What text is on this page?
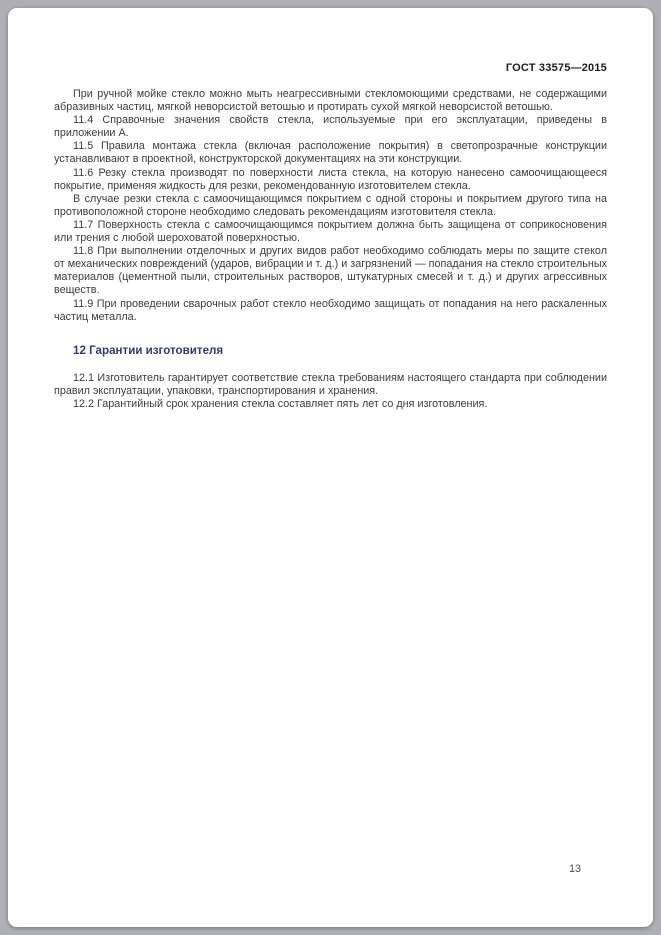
ГОСТ 33575—2015

При ручной мойке стекло можно мыть неагрессивными стекломоющими средствами, не содержащими абразивных частиц, мягкой неворсистой ветошью и протирать сухой мягкой неворсистой ветошью.

11.4 Справочные значения свойств стекла, используемые при его эксплуатации, приведены в приложении А.

11.5 Правила монтажа стекла (включая расположение покрытия) в светопрозрачные конструкции устанавливают в проектной, конструкторской документациях на эти конструкции.

11.6 Резку стекла производят по поверхности листа стекла, на которую нанесено самоочищающееся покрытие, применяя жидкость для резки, рекомендованную изготовителем стекла.

В случае резки стекла с самоочищающимся покрытием с одной стороны и покрытием другого типа на противоположной стороне необходимо следовать рекомендациям изготовителя стекла.

11.7 Поверхность стекла с самоочищающимся покрытием должна быть защищена от соприкосновения или трения с любой шероховатой поверхностью.

11.8 При выполнении отделочных и других видов работ необходимо соблюдать меры по защите стекол от механических повреждений (ударов, вибрации и т. д.) и загрязнений — попадания на стекло строительных материалов (цементной пыли, строительных растворов, штукатурных смесей и т. д.) и других агрессивных веществ.

11.9 При проведении сварочных работ стекло необходимо защищать от попадания на него раскаленных частиц металла.

12 Гарантии изготовителя

12.1 Изготовитель гарантирует соответствие стекла требованиям настоящего стандарта при соблюдении правил эксплуатации, упаковки, транспортирования и хранения.

12.2 Гарантийный срок хранения стекла составляет пять лет со дня изготовления.

13
